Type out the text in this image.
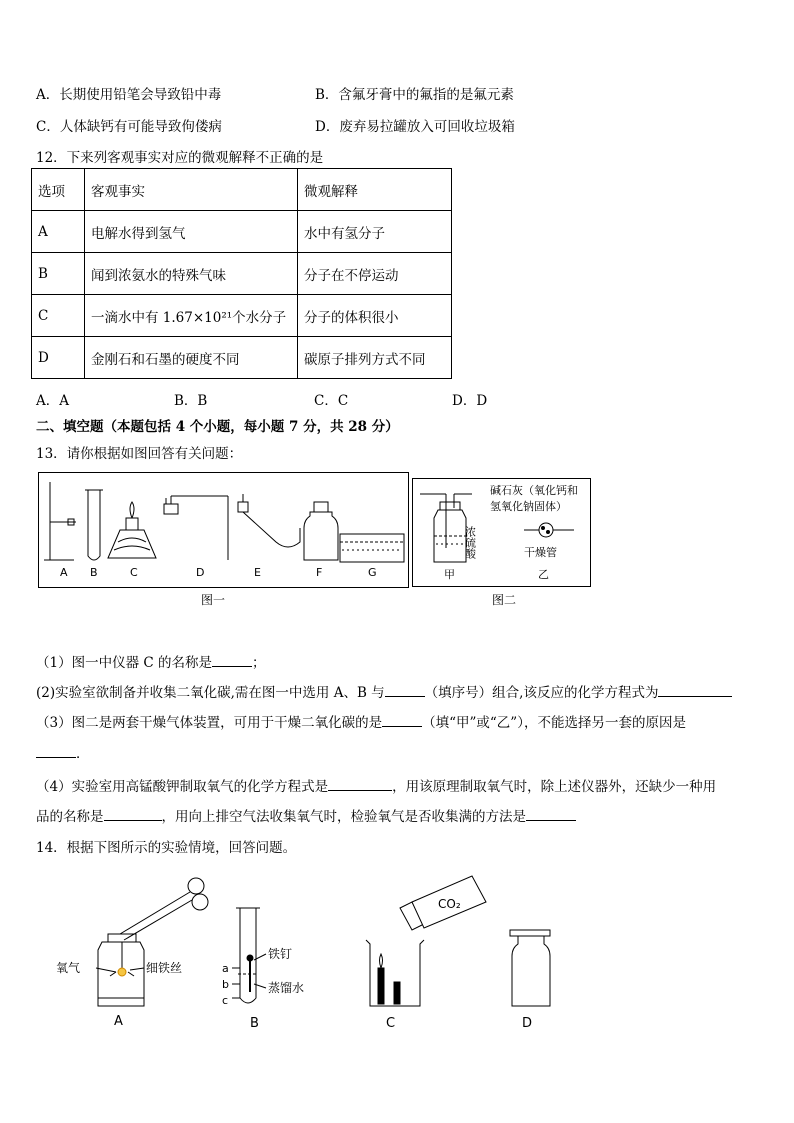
A．长期使用铅笔会导致铅中毒	B．含氟牙膏中的氟指的是氟元素
C．人体缺钙有可能导致佝偻病	D．废弃易拉罐放入可回收垃圾箱
12．下来列客观事实对应的微观解释不正确的是
选项	客观事实	微观解释
A	电解水得到氢气	水中有氢分子
B	闻到浓氨水的特殊气味	分子在不停运动
C	一滴水中有 1.67×10²¹个水分子	分子的体积很小
D	金刚石和石墨的硬度不同	碳原子排列方式不同
A．A	B．B	C．C	D．D
二、填空题（本题包括 4 个小题，每小题 7 分，共 28 分）
13．请你根据如图回答有关问题：
A B	C	D	E	F	G
图一
浓硫酸
碱石灰（氧化钙和
氢氧化钠固体）
干燥管
甲	乙
图二
（1）图一中仪器 C 的名称是	；
(2)实验室欲制备并收集二氧化碳,需在图一中选用 A、B 与	（填序号）组合,该反应的化学方程式为
（3）图二是两套干燥气体装置，可用于干燥二氧化碳的是	（填“甲”或“乙”），不能选择另一套的原因是
．
（4）实验室用高锰酸钾制取氧气的化学方程式是	，用该原理制取氧气时，除上述仪器外，还缺少一种用
品的名称是	，用向上排空气法收集氧气时，检验氧气是否收集满的方法是
14．根据下图所示的实验情境，回答问题。
氧气	细铁丝
铁钉
蒸馏水
a
b
c
CO₂
A	B	C	D
